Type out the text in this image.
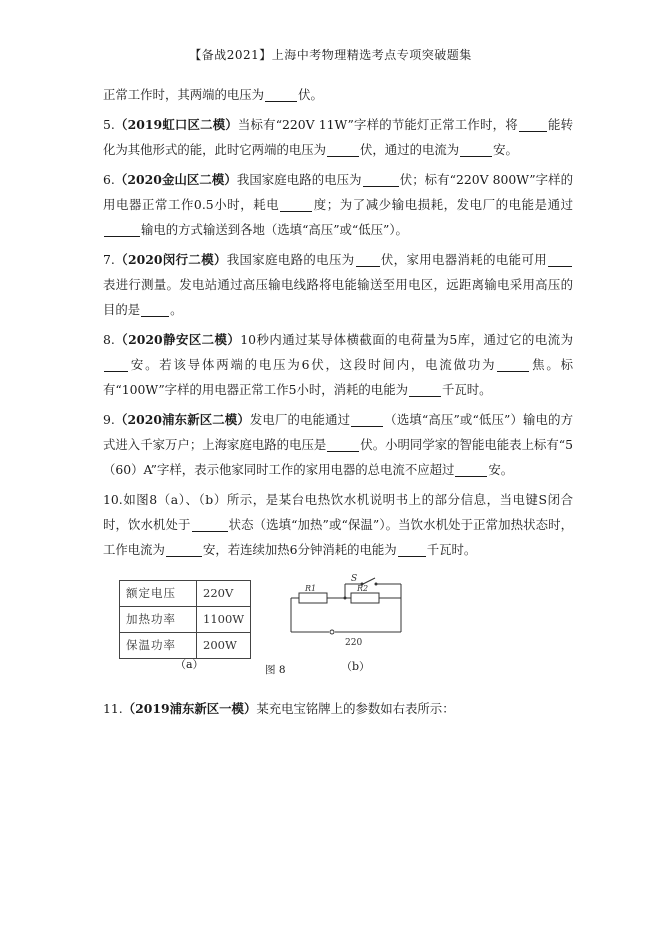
【备战2021】上海中考物理精选考点专项突破题集

正常工作时，其两端的电压为	伏。

5.（2019虹口区二模）当标有“220V 11W”字样的节能灯正常工作时，将 能转化为其他形式的能，此时它两端的电压为	伏，通过的电流为	安。

6.（2020金山区二模）我国家庭电路的电压为	伏；标有“220V 800W”字样的用电器正常工作0.5小时，耗电	度；为了减少输电损耗，发电厂的电能是通过输电的方式输送到各地（选填“高压”或“低压”）。

7.（2020闵行二模）我国家庭电路的电压为 伏，家用电器消耗的电能可用表进行测量。发电站通过高压输电线路将电能输送至用电区，远距离输电采用高压的目的是 。

8.（2020静安区二模）10秒内通过某导体横截面的电荷量为5库，通过它的电流为安。若该导体两端的电压为6伏，这段时间内，电流做功为	焦。标有“100W”字样的用电器正常工作5小时，消耗的电能为	千瓦时。

9.（2020浦东新区二模）发电厂的电能通过	（选填“高压”或“低压”）输电的方式进入千家万户；上海家庭电路的电压是	伏。小明同学家的智能电能表上标有“5（60）A”字样，表示他家同时工作的家用电器的总电流不应超过	安。

10.如图8（a）、（b）所示，是某台电热饮水机说明书上的部分信息，当电键S闭合时，饮水机处于	状态（选填“加热”或“保温”）。当饮水机处于正常加热状态时，工作电流为	安，若连续加热6分钟消耗的电能为 千瓦时。

额定电压	220V
加热功率	1100W
保温功率	200W
（a）	图 8
S
R1	R2
220
（b）

11.（2019浦东新区一模）某充电宝铭牌上的参数如右表所示：
